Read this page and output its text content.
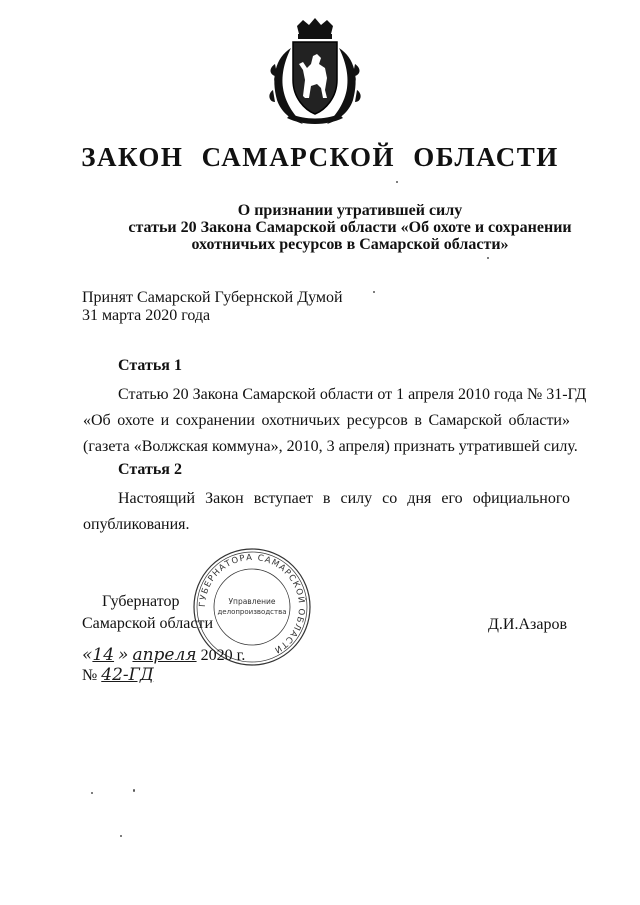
ЗАКОН САМАРСКОЙ ОБЛАСТИ
О признании утратившей силу
статьи 20 Закона Самарской области «Об охоте и сохранении
охотничьих ресурсов в Самарской области»
Принят Самарской Губернской Думой
31 марта 2020 года
Статья 1
Статью 20 Закона Самарской области от 1 апреля 2010 года № 31-ГД
«Об охоте и сохранении охотничьих ресурсов в Самарской области»
(газета «Волжская коммуна», 2010, 3 апреля) признать утратившей силу.
Статья 2
Настоящий Закон вступает в силу со дня его официального
опубликования.
ГУБЕРНАТОРА САМАРСКОЙ ОБЛАСТИ
Управление
делопроизводства
Губернатор
Самарской области	Д.И.Азаров
«14 » апреля 2020 г.
№ 42-ГД
